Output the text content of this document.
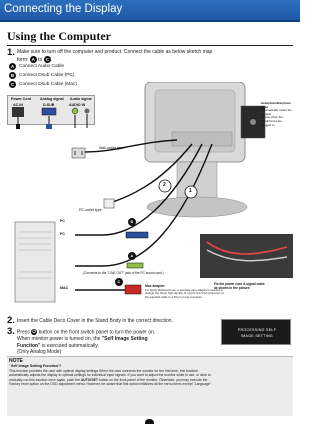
Connecting the Display
Using the Computer
1. Make sure to turn off the computer and product. Connect the cable as below sketch map
form: A to C .
A	Connect Audio Cable
B	Connect Dsub Cable (PC)
C	Connect Dsub Cable (Mac)
Power Cord Analog signal Audio signal
AC-IN	D-SUB	AUDIO IN
Wall-outlet type
PC-outlet type
PC
PC
MAC
(Connects to the "LINE OUT" jack of the PC sound card.)
1
2
B
A
C
Headphone/Earphone Input
Automatically mutes the speaker
volume when the headphones are
plugged in.
Fix the power cord & signal cable
as shown in the picture.
Mac adapter
For Apple Macintosh use, a separate plug adapter is needed to
change the 15 pin high density (3 row) D-sub VGA connector on
the supplied cable to a 15 pin 2 row connector.
2. Insert the Cable Deco Cover in the Stand Body in the correct direction.
3. Press ⏻ button on the front switch panel to turn the power on.
When monitor power is turned on, the "Self Image Setting
Function" is executed automatically.
(Only Analog Mode)
PROCESSING SELF
IMAGE SETTING
NOTE
' Self Image Setting Function'?
This function provides the user with optimal display settings.When the user connects the monitor for the first time, this function
automatically adjusts the display to optimal settings for individual input signals. If you want to adjust the monitor while in use, or wish to
manually run this function once again, push the AUTO/SET button on the front panel of the monitor. Otherwise, you may execute the
Factory reset option on the OSD adjustment menu. However, be aware that this option initializes all the menu items except "Language".
